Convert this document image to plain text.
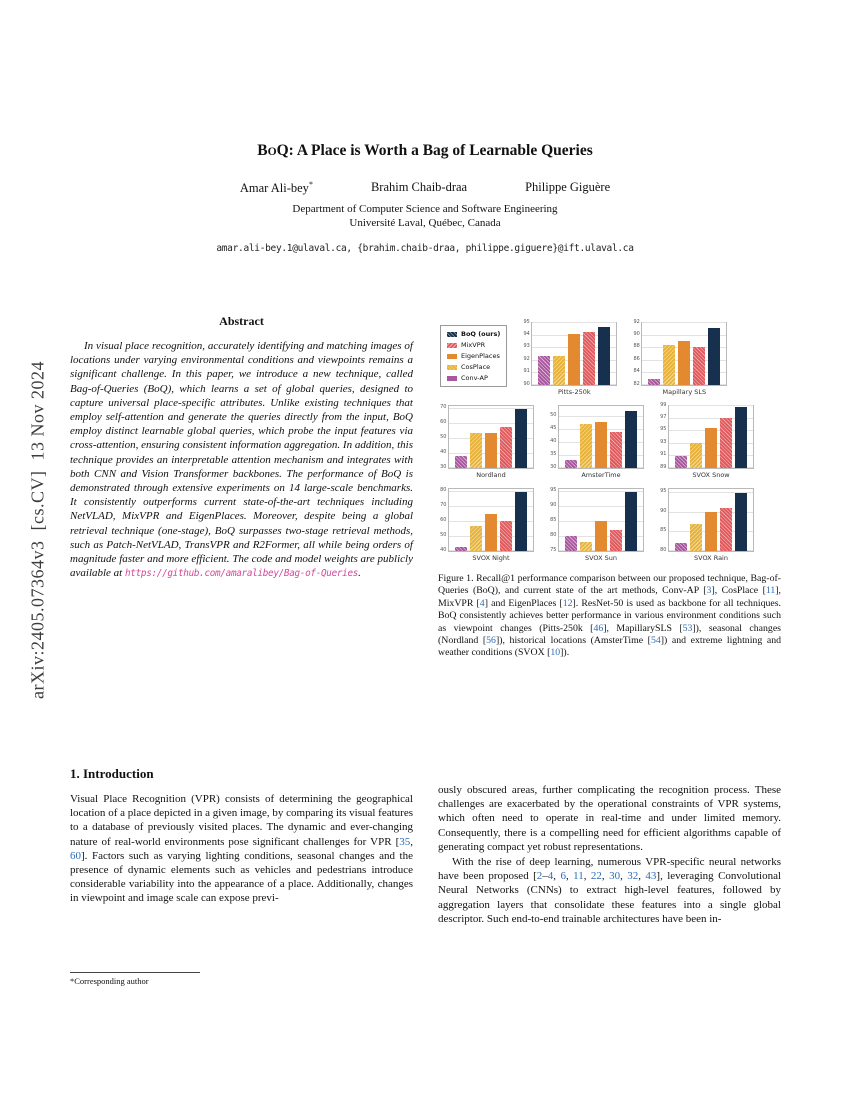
arXiv:2405.07364v3  [cs.CV]  13 Nov 2024
BOQ: A Place is Worth a Bag of Learnable Queries
Amar Ali-bey*	Brahim Chaib-draa	Philippe Giguère
Department of Computer Science and Software Engineering
Université Laval, Québec, Canada
amar.ali-bey.1@ulaval.ca, {brahim.chaib-draa, philippe.giguere}@ift.ulaval.ca
Abstract

In visual place recognition, accurately identifying and matching images of locations under varying environmental conditions and viewpoints remains a significant challenge. In this paper, we introduce a new technique, called Bag-of-Queries (BoQ), which learns a set of global queries, designed to capture universal place-specific attributes. Unlike existing techniques that employ self-attention and generate the queries directly from the input, BoQ employ distinct learnable global queries, which probe the input features via cross-attention, ensuring consistent information aggregation. In addition, this technique provides an interpretable attention mechanism and integrates with both CNN and Vision Transformer backbones. The performance of BoQ is demonstrated through extensive experiments on 14 large-scale benchmarks. It consistently outperforms current state-of-the-art techniques including NetVLAD, MixVPR and EigenPlaces. Moreover, despite being a global retrieval technique (one-stage), BoQ surpasses two-stage retrieval methods, such as Patch-NetVLAD, TransVPR and R2Former, all while being orders of magnitude faster and more efficient. The code and model weights are publicly available at https://github.com/amaralibey/Bag-of-Queries.

1. Introduction

Visual Place Recognition (VPR) consists of determining the geographical location of a place depicted in a given image, by comparing its visual features to a database of previously visited places. The dynamic and ever-changing nature of real-world environments pose significant challenges for VPR [35, 60]. Factors such as varying lighting conditions, seasonal changes and the presence of dynamic elements such as vehicles and pedestrians introduce considerable variability into the appearance of a place. Additionally, changes in viewpoint and image scale can expose previ-

*Corresponding author
BoQ (ours)
MixVPR
EigenPlaces
CosPlace
Conv-AP
90
91
92
93
94
95
Pitts-250k
82
84
86
88
90
92
Mapillary SLS
30
40
50
60
70
Nordland
30
35
40
45
50
AmsterTime
89
91
93
95
97
99
SVOX Snow
40
50
60
70
80
SVOX Night
75
80
85
90
95
SVOX Sun
80
85
90
95
SVOX Rain

Figure 1. Recall@1 performance comparison between our proposed technique, Bag-of-Queries (BoQ), and current state of the art methods, Conv-AP [3], CosPlace [11], MixVPR [4] and EigenPlaces [12]. ResNet-50 is used as backbone for all techniques. BoQ consistently achieves better performance in various environment conditions such as viewpoint changes (Pitts-250k [46], MapillarySLS [53]), seasonal changes (Nordland [56]), historical locations (AmsterTime [54]) and extreme lightning and weather conditions (SVOX [10]).

ously obscured areas, further complicating the recognition process. These challenges are exacerbated by the operational constraints of VPR systems, which often need to operate in real-time and under limited memory. Consequently, there is a compelling need for efficient algorithms capable of generating compact yet robust representations.

With the rise of deep learning, numerous VPR-specific neural networks have been proposed [2–4, 6, 11, 22, 30, 32, 43], leveraging Convolutional Neural Networks (CNNs) to extract high-level features, followed by aggregation layers that consolidate these features into a single global descriptor. Such end-to-end trainable architectures have been in-
